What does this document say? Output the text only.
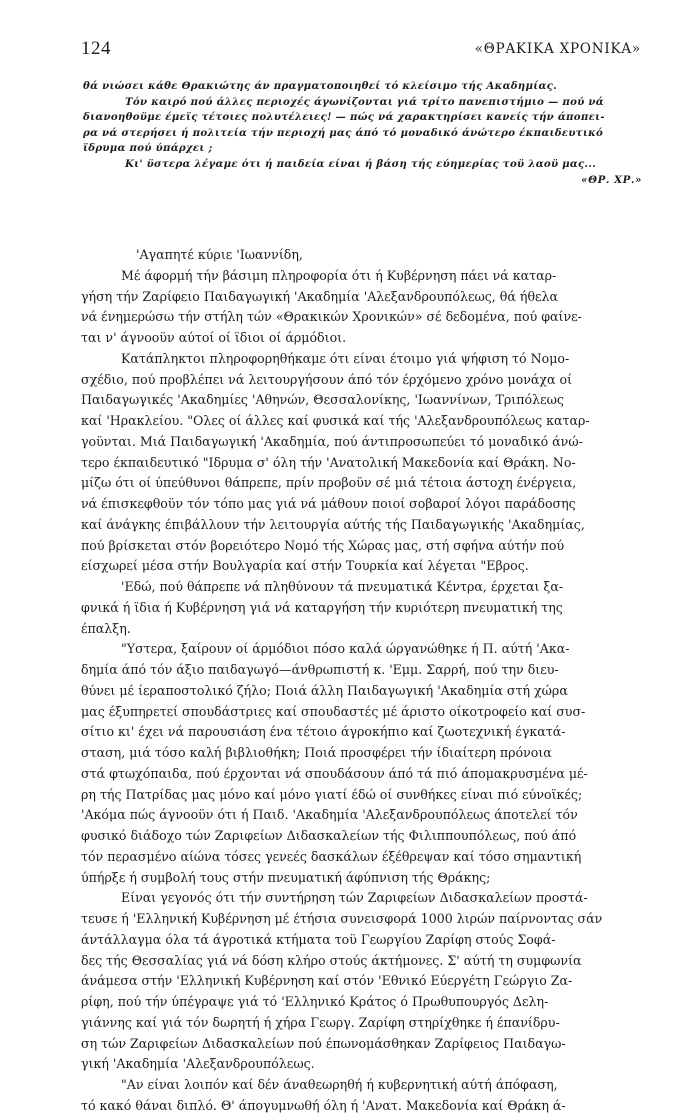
124	«ΘΡΑΚΙΚΑ ΧΡΟΝΙΚΑ»
θά νιώσει κάθε Θρακιώτης άν πραγματοποιηθεί τό κλείσιμο τής Ακαδημίας.
Τόν καιρό πού άλλες περιοχές άγωνίζονται γιά τρίτο πανεπιστήμιο — πού νά
διανοηθοϋμε έμεϊς τέτοιες πολυτέλειες! — πώς νά χαρακτηρίσει κανείς τήν άποπει-
ρα νά στερήσει ή πολιτεία τήν περιοχή μας άπό τό μοναδικό άνώτερο έκπαιδευτικό
ϊδρυμα πού ύπάρχει ;
Κι' ϋστερα λέγαμε ότι ή παιδεία είναι ή βάση τής εύημερίας τοϋ λαοϋ μας...
«ΘΡ. ΧΡ.»
'Αγαπητέ κύριε 'Ιωαννίδη,
Μέ άφορμή τήν βάσιμη πληροφορία ότι ή Κυβέρνηση πάει νά καταρ-
γήση τήν Ζαρίφειο Παιδαγωγική 'Ακαδημία 'Αλεξανδρουπόλεως, θά ήθελα
νά ένημερώσω τήν στήλη τών «Θρακικών Χρονικών» σέ δεδομένα, πού φαίνε-
ται ν' άγνοοϋν αύτοί οί ϊδιοι οί άρμόδιοι.
Κατάπληκτοι πληροφορηθήκαμε ότι είναι έτοιμο γιά ψήφιση τό Νομο-
σχέδιο, πού προβλέπει νά λειτουργήσουν άπό τόν έρχόμενο χρόνο μονάχα οί
Παιδαγωγικές 'Ακαδημίες 'Αθηνών, Θεσσαλονίκης, 'Ιωαννίνων, Τριπόλεως
καί 'Ηρακλείου. "Ολες οί άλλες καί φυσικά καί τής 'Αλεξανδρουπόλεως καταρ-
γοϋνται. Μιά Παιδαγωγική 'Ακαδημία, πού άντιπροσωπεύει τό μοναδικό άνώ-
τερο έκπαιδευτικό "Ιδρυμα σ' όλη τήν 'Ανατολική Μακεδονία καί Θράκη. Νο-
μίζω ότι οί ύπεύθυνοι θάπρεπε, πρίν προβοϋν σέ μιά τέτοια άστοχη ένέργεια,
νά έπισκεφθοϋν τόν τόπο μας γιά νά μάθουν ποιοί σοβαροί λόγοι παράδοσης
καί άνάγκης έπιβάλλουν τήν λειτουργία αύτής τής Παιδαγωγικής 'Ακαδημίας,
πού βρίσκεται στόν βορειότερο Νομό τής Χώρας μας, στή σφήνα αύτήν πού
είσχωρεί μέσα στήν Βουλγαρία καί στήν Τουρκία καί λέγεται "Εβρος.
'Εδώ, πού θάπρεπε νά πληθύνουν τά πνευματικά Κέντρα, έρχεται ξα-
φνικά ή ϊδια ή Κυβέρνηση γιά νά καταργήση τήν κυριότερη πνευματική της
έπαλξη.
"Υστερα, ξαίρουν οί άρμόδιοι πόσο καλά ώργανώθηκε ή Π. αύτή 'Ακα-
δημία άπό τόν άξιο παιδαγωγό—άνθρωπιστή κ. 'Εμμ. Σαρρή, πού την διευ-
θύνει μέ ίεραποστολικό ζήλο; Ποιά άλλη Παιδαγωγική 'Ακαδημία στή χώρα
μας έξυπηρετεί σπουδάστριες καί σπουδαστές μέ άριστο οίκοτροφείο καί συσ-
σίτιο κι' έχει νά παρουσιάση ένα τέτοιο άγροκήπιο καί ζωοτεχνική έγκατά-
σταση, μιά τόσο καλή βιβλιοθήκη; Ποιά προσφέρει τήν ίδιαίτερη πρόνοια
στά φτωχόπαιδα, πού έρχονται νά σπουδάσουν άπό τά πιό άπομακρυσμένα μέ-
ρη τής Πατρίδας μας μόνο καί μόνο γιατί έδώ οί συνθήκες είναι πιό εύνοϊκές;
'Ακόμα πώς άγνοοϋν ότι ή Παιδ. 'Ακαδημία 'Αλεξανδρουπόλεως άποτελεί τόν
φυσικό διάδοχο τών Ζαριφείων Διδασκαλείων τής Φιλιππουπόλεως, πού άπό
τόν περασμένο αίώνα τόσες γενεές δασκάλων έξέθρεψαν καί τόσο σημαντική
ύπήρξε ή συμβολή τους στήν πνευματική άφύπνιση τής Θράκης;
Είναι γεγονός ότι τήν συντήρηση τών Ζαριφείων Διδασκαλείων προστά-
τευσε ή 'Ελληνική Κυβέρνηση μέ έτήσια συνεισφορά 1000 λιρών παίρνοντας σάν
άντάλλαγμα όλα τά άγροτικά κτήματα τοϋ Γεωργίου Ζαρίφη στούς Σοφά-
δες τής Θεσσαλίας γιά νά δόση κλήρο στούς άκτήμονες. Σ' αύτή τη συμφωνία
άνάμεσα στήν 'Ελληνική Κυβέρνηση καί στόν 'Εθνικό Εύεργέτη Γεώργιο Ζα-
ρίφη, πού τήν ύπέγραψε γιά τό 'Ελληνικό Κράτος ό Πρωθυπουργός Δελη-
γιάννης καί γιά τόν δωρητή ή χήρα Γεωργ. Ζαρίφη στηρίχθηκε ή έπανίδρυ-
ση τών Ζαριφείων Διδασκαλείων πού έπωνομάσθηκαν Ζαρίφειος Παιδαγω-
γική 'Ακαδημία 'Αλεξανδρουπόλεως.
"Αν είναι λοιπόν καί δέν άναθεωρηθή ή κυβερνητική αύτή άπόφαση,
τό κακό θάναι διπλό. Θ' άπογυμνωθή όλη ή 'Ανατ. Μακεδονία καί Θράκη ά-
